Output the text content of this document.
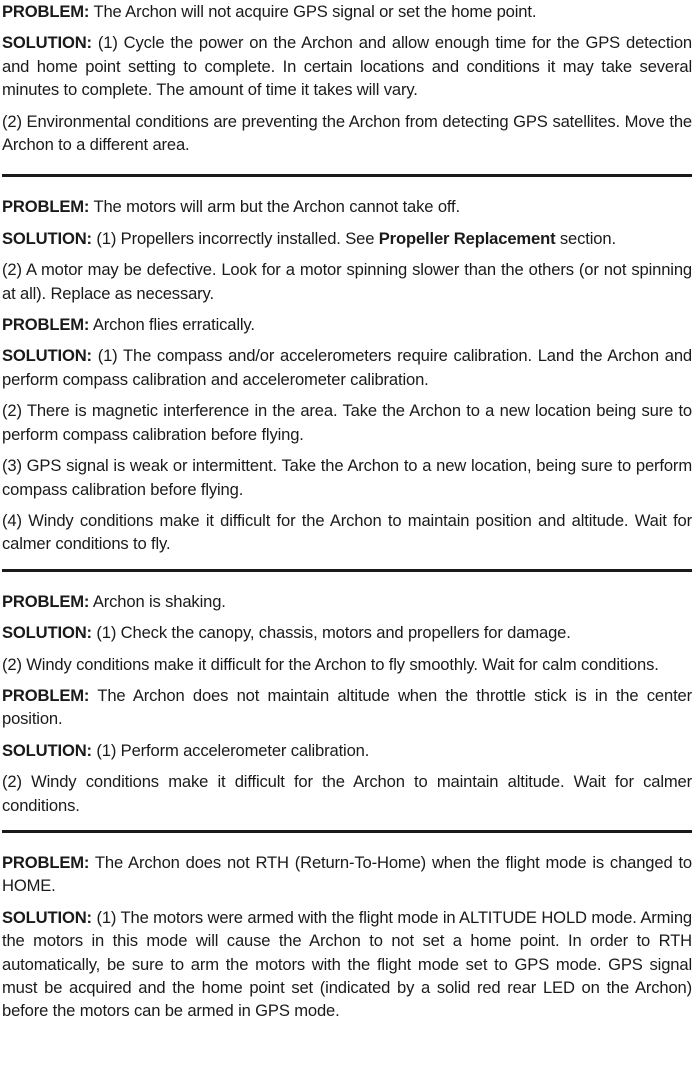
PROBLEM: The Archon will not acquire GPS signal or set the home point.

SOLUTION: (1) Cycle the power on the Archon and allow enough time for the GPS detection and home point setting to complete. In certain locations and conditions it may take several minutes to complete. The amount of time it takes will vary.

(2) Environmental conditions are preventing the Archon from detecting GPS satellites. Move the Archon to a different area.

PROBLEM: The motors will arm but the Archon cannot take off.

SOLUTION: (1) Propellers incorrectly installed. See Propeller Replacement section.

(2) A motor may be defective. Look for a motor spinning slower than the others (or not spinning at all). Replace as necessary.

PROBLEM: Archon flies erratically.

SOLUTION: (1) The compass and/or accelerometers require calibration. Land the Archon and perform compass calibration and accelerometer calibration.

(2) There is magnetic interference in the area. Take the Archon to a new location being sure to perform compass calibration before flying.

(3) GPS signal is weak or intermittent. Take the Archon to a new location, being sure to perform compass calibration before flying.

(4) Windy conditions make it difficult for the Archon to maintain position and altitude. Wait for calmer conditions to fly.

PROBLEM: Archon is shaking.

SOLUTION: (1) Check the canopy, chassis, motors and propellers for damage.

(2) Windy conditions make it difficult for the Archon to fly smoothly. Wait for calm conditions.

PROBLEM: The Archon does not maintain altitude when the throttle stick is in the center position.

SOLUTION: (1) Perform accelerometer calibration.

(2) Windy conditions make it difficult for the Archon to maintain altitude. Wait for calmer conditions.

PROBLEM: The Archon does not RTH (Return-To-Home) when the flight mode is changed to HOME.

SOLUTION: (1) The motors were armed with the flight mode in ALTITUDE HOLD mode. Arming the motors in this mode will cause the Archon to not set a home point. In order to RTH automatically, be sure to arm the motors with the flight mode set to GPS mode. GPS signal must be acquired and the home point set (indicated by a solid red rear LED on the Archon) before the motors can be armed in GPS mode.
